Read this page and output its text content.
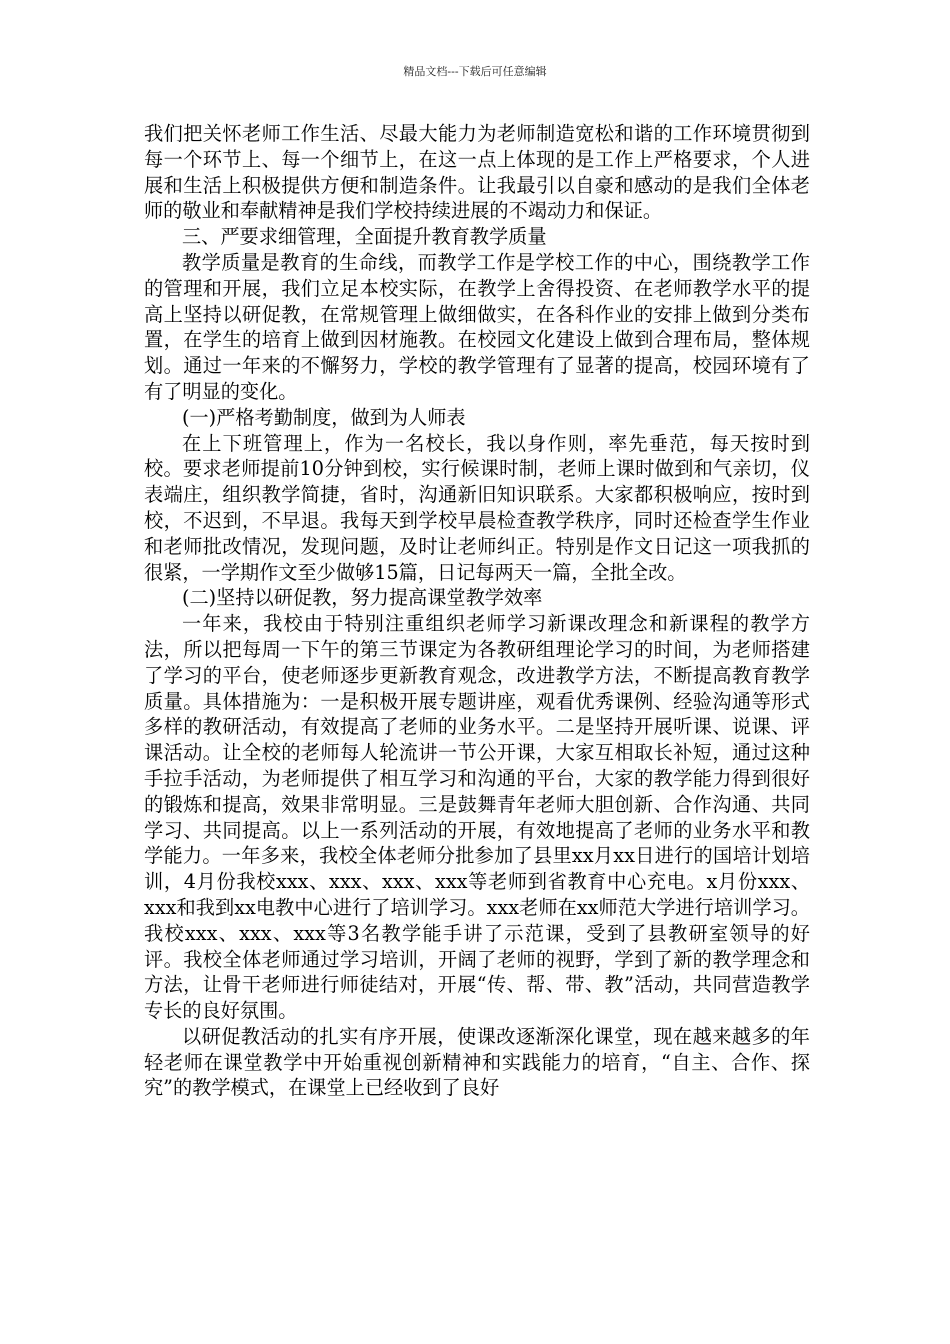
精品文档---下载后可任意编辑

我们把关怀老师工作生活、尽最大能力为老师制造宽松和谐的工作环境贯彻到每一个环节上、每一个细节上，在这一点上体现的是工作上严格要求，个人进展和生活上积极提供方便和制造条件。让我最引以自豪和感动的是我们全体老师的敬业和奉献精神是我们学校持续进展的不竭动力和保证。

三、严要求细管理，全面提升教育教学质量

教学质量是教育的生命线，而教学工作是学校工作的中心，围绕教学工作的管理和开展，我们立足本校实际，在教学上舍得投资、在老师教学水平的提高上坚持以研促教，在常规管理上做细做实，在各科作业的安排上做到分类布置，在学生的培育上做到因材施教。在校园文化建设上做到合理布局，整体规划。通过一年来的不懈努力，学校的教学管理有了显著的提高，校园环境有了有了明显的变化。

(一)严格考勤制度，做到为人师表

在上下班管理上，作为一名校长，我以身作则，率先垂范，每天按时到校。要求老师提前10分钟到校，实行候课时制，老师上课时做到和气亲切，仪表端庄，组织教学简捷，省时，沟通新旧知识联系。大家都积极响应，按时到校，不迟到，不早退。我每天到学校早晨检查教学秩序，同时还检查学生作业和老师批改情况，发现问题，及时让老师纠正。特别是作文日记这一项我抓的很紧，一学期作文至少做够15篇，日记每两天一篇，全批全改。

(二)坚持以研促教，努力提高课堂教学效率

一年来，我校由于特别注重组织老师学习新课改理念和新课程的教学方法，所以把每周一下午的第三节课定为各教研组理论学习的时间，为老师搭建了学习的平台，使老师逐步更新教育观念，改进教学方法，不断提高教育教学质量。具体措施为：一是积极开展专题讲座，观看优秀课例、经验沟通等形式多样的教研活动，有效提高了老师的业务水平。二是坚持开展听课、说课、评课活动。让全校的老师每人轮流讲一节公开课，大家互相取长补短，通过这种手拉手活动，为老师提供了相互学习和沟通的平台，大家的教学能力得到很好的锻炼和提高，效果非常明显。三是鼓舞青年老师大胆创新、合作沟通、共同学习、共同提高。以上一系列活动的开展，有效地提高了老师的业务水平和教学能力。一年多来，我校全体老师分批参加了县里xx月xx日进行的国培计划培训，4月份我校xxx、xxx、xxx、xxx等老师到省教育中心充电。x月份xxx、xxx和我到xx电教中心进行了培训学习。xxx老师在xx师范大学进行培训学习。我校xxx、xxx、xxx等3名教学能手讲了示范课，受到了县教研室领导的好评。我校全体老师通过学习培训，开阔了老师的视野，学到了新的教学理念和方法，让骨干老师进行师徒结对，开展“传、帮、带、教”活动，共同营造教学专长的良好氛围。

以研促教活动的扎实有序开展，使课改逐渐深化课堂，现在越来越多的年轻老师在课堂教学中开始重视创新精神和实践能力的培育，“自主、合作、探究”的教学模式，在课堂上已经收到了良好
